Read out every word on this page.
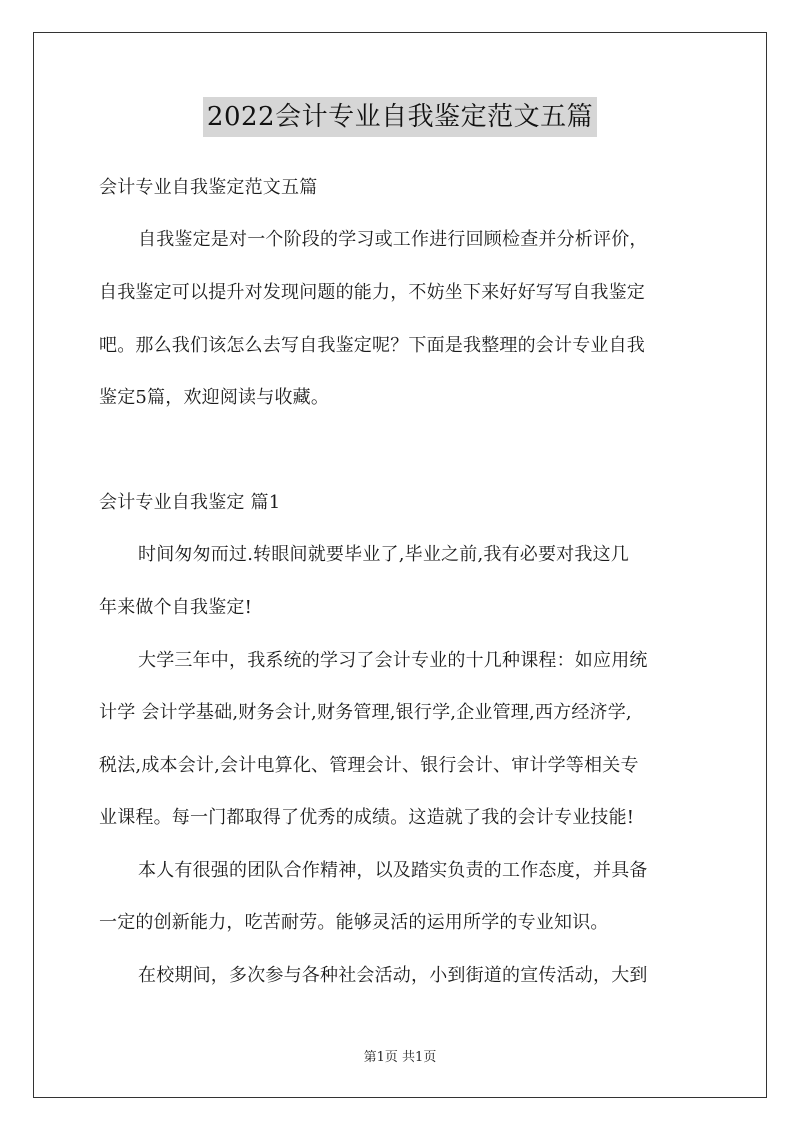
2022会计专业自我鉴定范文五篇
会计专业自我鉴定范文五篇
自我鉴定是对一个阶段的学习或工作进行回顾检查并分析评价，
自我鉴定可以提升对发现问题的能力，不妨坐下来好好写写自我鉴定
吧。那么我们该怎么去写自我鉴定呢？下面是我整理的会计专业自我
鉴定5篇，欢迎阅读与收藏。
会计专业自我鉴定 篇1
时间匆匆而过.转眼间就要毕业了,毕业之前,我有必要对我这几
年来做个自我鉴定!
大学三年中，我系统的学习了会计专业的十几种课程：如应用统
计学 会计学基础,财务会计,财务管理,银行学,企业管理,西方经济学,
税法,成本会计,会计电算化、管理会计、银行会计、审计学等相关专
业课程。每一门都取得了优秀的成绩。这造就了我的会计专业技能!
本人有很强的团队合作精神，以及踏实负责的工作态度，并具备
一定的创新能力，吃苦耐劳。能够灵活的运用所学的专业知识。
在校期间，多次参与各种社会活动，小到街道的宣传活动，大到
第1页 共1页
